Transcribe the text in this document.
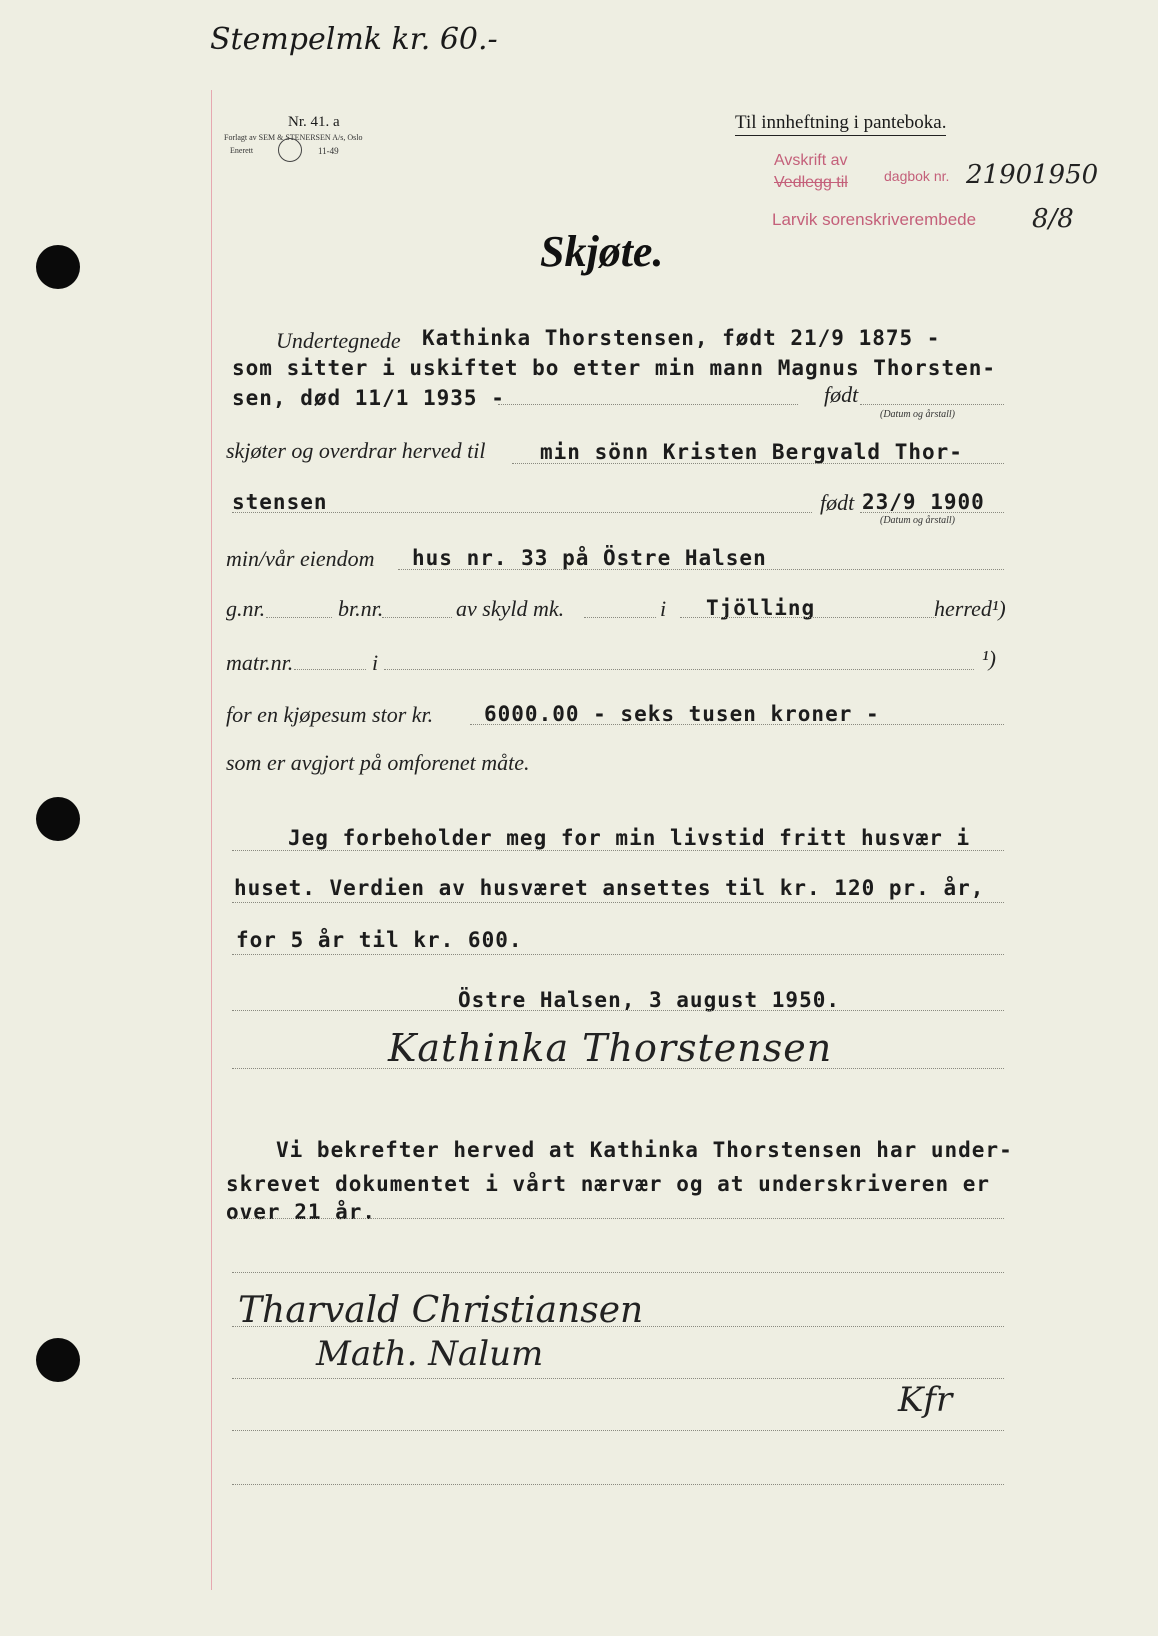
Stempelmk kr. 60.-
Nr. 41. a
Forlagt av SEM & STENERSEN A/s, Oslo
Enerett	11-49
Til innheftning i panteboka.
Avskrift av
dagbok nr. 2190 1950
Vedlegg til
Larvik sorenskriverembede 8/8
Skjøte.
Undertegnede Kathinka Thorstensen, født 21/9 1875 -
som sitter i uskiftet bo etter min mann Magnus Thorsten-
sen, død 11/1 1935 -	født
(Datum og årstall)
skjøter og overdrar herved til	min sönn Kristen Bergvald Thor-
stensen	født 23/9 1900
(Datum og årstall)
min/vår eiendom hus nr. 33 på Östre Halsen
g.nr.	br.nr.	av skyld mk.	i Tjölling	herred¹)
matr.nr.	i	¹)
for en kjøpesum stor kr. 6000.00 - seks tusen kroner -
som er avgjort på omforenet måte.
Jeg forbeholder meg for min livstid fritt husvær i
huset. Verdien av husværet ansettes til kr. 120 pr. år,
for 5 år til kr. 600.
Östre Halsen, 3 august 1950.
Kathinka Thorstensen
Vi bekrefter herved at Kathinka Thorstensen har under-
skrevet dokumentet i vårt nærvær og at underskriveren er
over 21 år.
Tharvald Christiansen
Math. Nalum
Kfr
